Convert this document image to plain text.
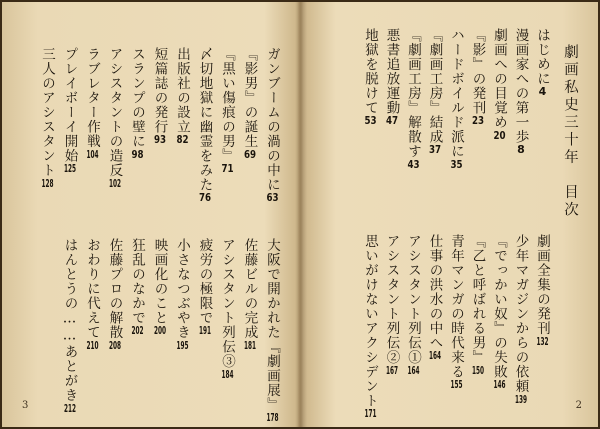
劇画私史三十年　目次
はじめに4
漫画家への第一歩8
劇画への目覚め20
『影』の発刊23
ハードボイルド派に35
『劇画工房』結成37
『劇画工房』解散す43
悪書追放運動47
地獄を脱けて53
劇画全集の発刊132
少年マガジンからの依頼139
『でっかい奴』の失敗146
『乙と呼ばれる男』150
青年マンガの時代来る155
仕事の洪水の中へ164
アシスタント列伝①164
アシスタント列伝②167
思いがけないアクシデント171
2
ガンブームの渦の中に63
『影男』の誕生69
『黒い傷痕の男』71
〆切地獄に幽霊をみた76
出版社の設立82
短篇誌の発行93
スランプの壁に98
アシスタントの造反102
ラブレター作戦104
プレイボーイ開始125
三人のアシスタント128
大阪で開かれた『劇画展』178
佐藤ビルの完成181
アシスタント列伝③184
疲労の極限で191
小さなつぶやき195
映画化のこと200
狂乱のなかで202
佐藤プロの解散208
おわりに代えて210
はんとうの……あとがき212
3
